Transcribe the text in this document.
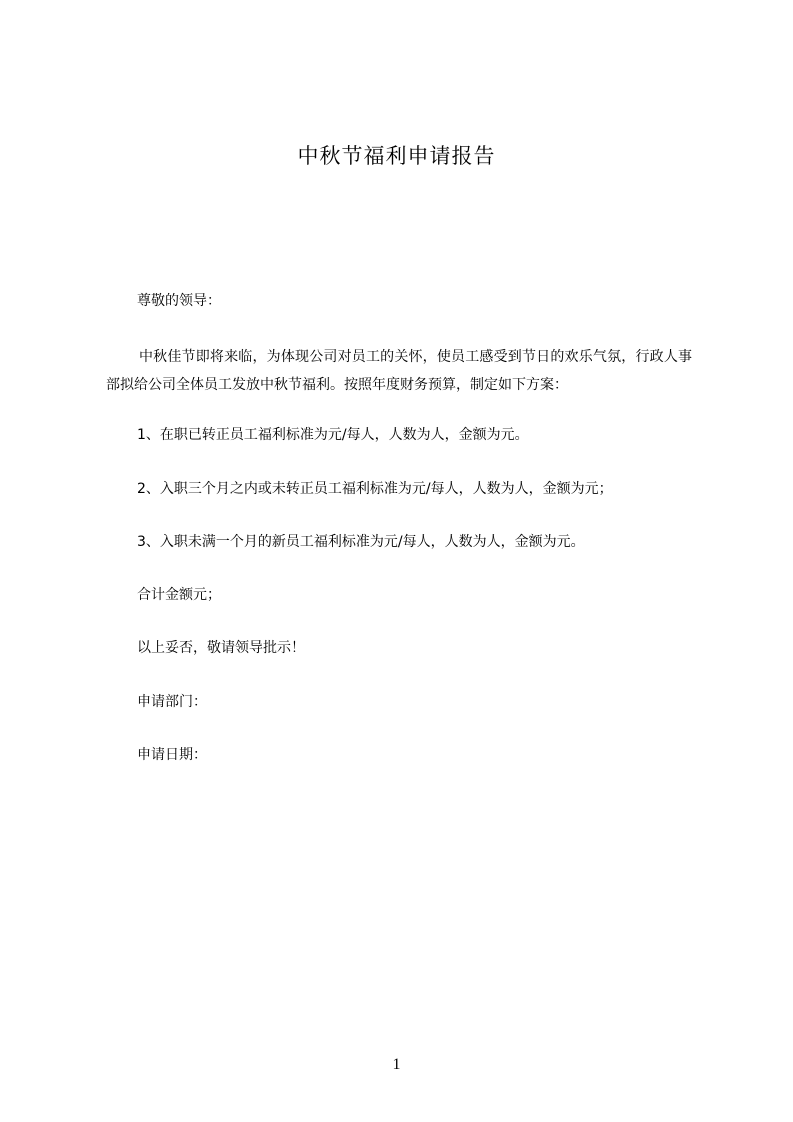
中秋节福利申请报告
尊敬的领导：
中秋佳节即将来临，为体现公司对员工的关怀，使员工感受到节日的欢乐气氛，行政人事部拟给公司全体员工发放中秋节福利。按照年度财务预算，制定如下方案：
1、在职已转正员工福利标准为元/每人，人数为人，金额为元。
2、入职三个月之内或未转正员工福利标准为元/每人，人数为人，金额为元；
3、入职未满一个月的新员工福利标准为元/每人，人数为人，金额为元。
合计金额元；
以上妥否，敬请领导批示！
申请部门：
申请日期：
1
